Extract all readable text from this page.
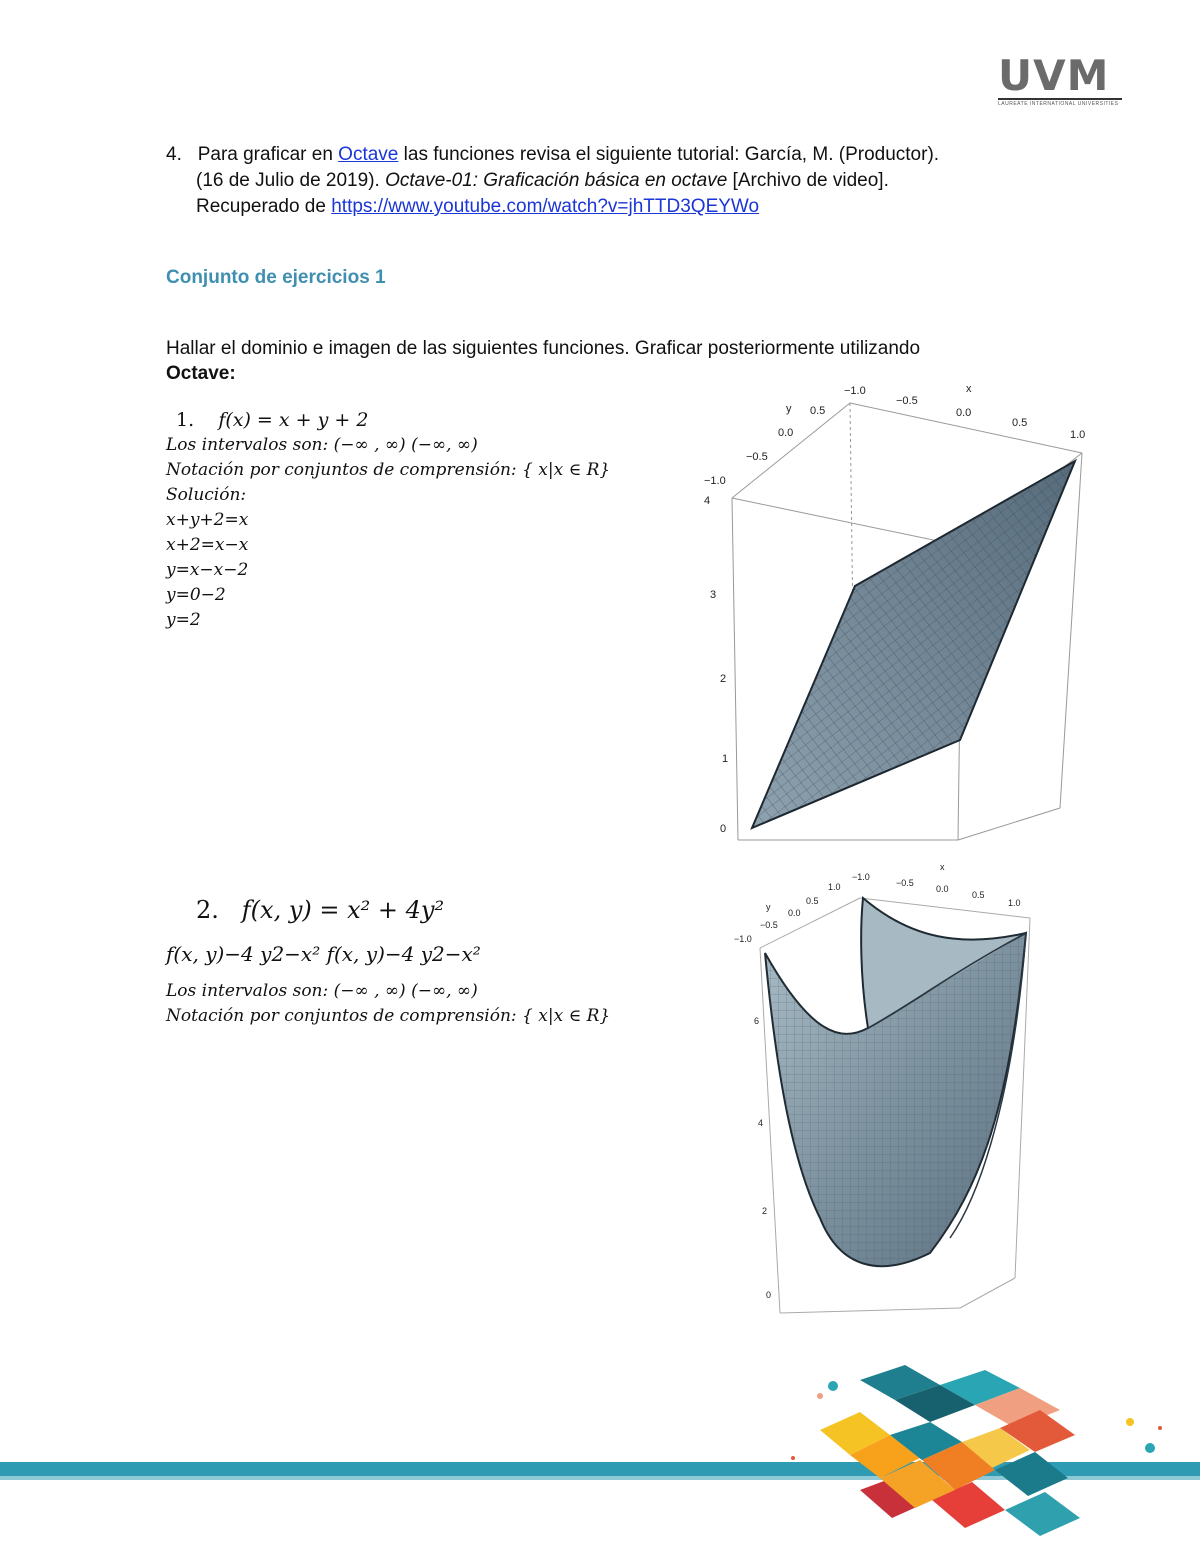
UVM
LAUREATE INTERNATIONAL UNIVERSITIES
4. Para graficar en Octave las funciones revisa el siguiente tutorial: García, M. (Productor).
(16 de Julio de 2019). Octave-01: Graficación básica en octave [Archivo de video].
Recuperado de https://www.youtube.com/watch?v=jhTTD3QEYWo
Conjunto de ejercicios 1
Hallar el dominio e imagen de las siguientes funciones. Graficar posteriormente utilizando
Octave:
1. f(x) = x + y + 2
Los intervalos son: (−∞ , ∞) (−∞, ∞)
Notación por conjuntos de comprensión: { x|x ∈ R}
Solución:
x+y+2=x
x+2=x−x
y=x−x−2
y=0−2
y=2
2. f(x, y) = x² + 4y²
f(x, y)−4 y2−x² f(x, y)−4 y2−x²
Los intervalos son: (−∞ , ∞) (−∞, ∞)
Notación por conjuntos de comprensión: { x|x ∈ R}
x
y
−1.0
−0.5
0.0
0.5
1.0
−1.0
−0.5
0.0
0.5
0
1
2
3
4
x
y
−1.0
−0.5
0.0
0.5
1.0
−1.0
−0.5
0.0
0.5
1.0
0
2
4
6
